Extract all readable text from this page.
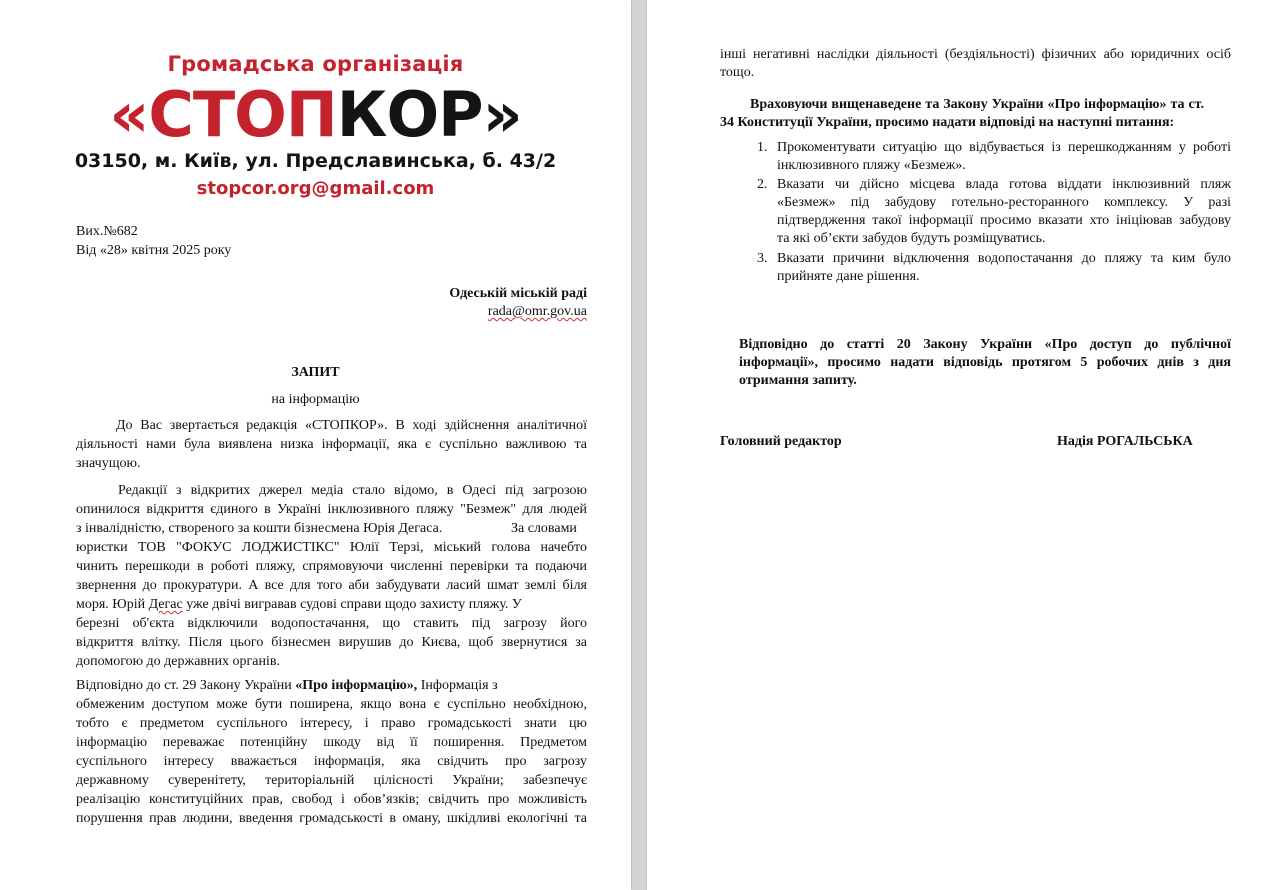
Громадська організація
«СТОПКОР»
03150, м. Київ, ул. Предславинська, б. 43/2
stopcor.org@gmail.com
Вих.№682
Від «28» квітня 2025 року
Одеській міській раді
rada@omr.gov.ua
ЗАПИТ
на інформацію
До Вас звертається редакція «СТОПКОР». В ході здійснення аналітичної
діяльності нами була виявлена низка інформації, яка є суспільно важливою та
значущою.
Редакції з відкритих джерел медіа стало відомо, в Одесі під загрозою
опинилося відкриття єдиного в Україні інклюзивного пляжу "Безмеж" для людей
з інвалідністю, створеного за кошти бізнесмена Юрія Дегаса.	За словами
юристки ТОВ "ФОКУС ЛОДЖИСТІКС" Юлії Терзі, міський голова начебто
чинить перешкоди в роботі пляжу, спрямовуючи численні перевірки та подаючи
звернення до прокуратури. А все для того аби забудувати ласий шмат землі біля
моря. Юрій Дегас уже двічі вигравав судові справи щодо захисту пляжу. У
березні об'єкта відключили водопостачання, що ставить під загрозу його
відкриття влітку. Після цього бізнесмен вирушив до Києва, щоб звернутися за
допомогою до державних органів.
Відповідно до ст. 29 Закону України «Про інформацію», Інформація з
обмеженим доступом може бути поширена, якщо вона є суспільно необхідною,
тобто є предметом суспільного інтересу, і право громадськості знати цю
інформацію переважає потенційну шкоду від її поширення. Предметом
суспільного інтересу вважається інформація, яка свідчить про загрозу
державному суверенітету, територіальній цілісності України; забезпечує
реалізацію конституційних прав, свобод і обов’язків; свідчить про можливість
порушення прав людини, введення громадськості в оману, шкідливі екологічні та
інші негативні наслідки діяльності (бездіяльності) фізичних або юридичних осіб
тощо.
Враховуючи вищенаведене та Закону України «Про інформацію» та ст.
34 Конституції України, просимо надати відповіді на наступні питання:
1. Прокоментувати ситуацію що відбувається із перешкоджанням у роботі
інклюзивного пляжу «Безмеж».
2. Вказати чи дійсно місцева влада готова віддати інклюзивний пляж
«Безмеж» під забудову готельно-ресторанного комплексу. У разі
підтвердження такої інформації просимо вказати хто ініціював забудову
та які об’єкти забудов будуть розміщуватись.
3. Вказати причини відключення водопостачання до пляжу та ким було
прийняте дане рішення.
Відповідно до статті 20 Закону України «Про доступ до публічної
інформації», просимо надати відповідь протягом 5 робочих днів з дня
отримання запиту.
Головний редактор	Надія РОГАЛЬСЬКА
